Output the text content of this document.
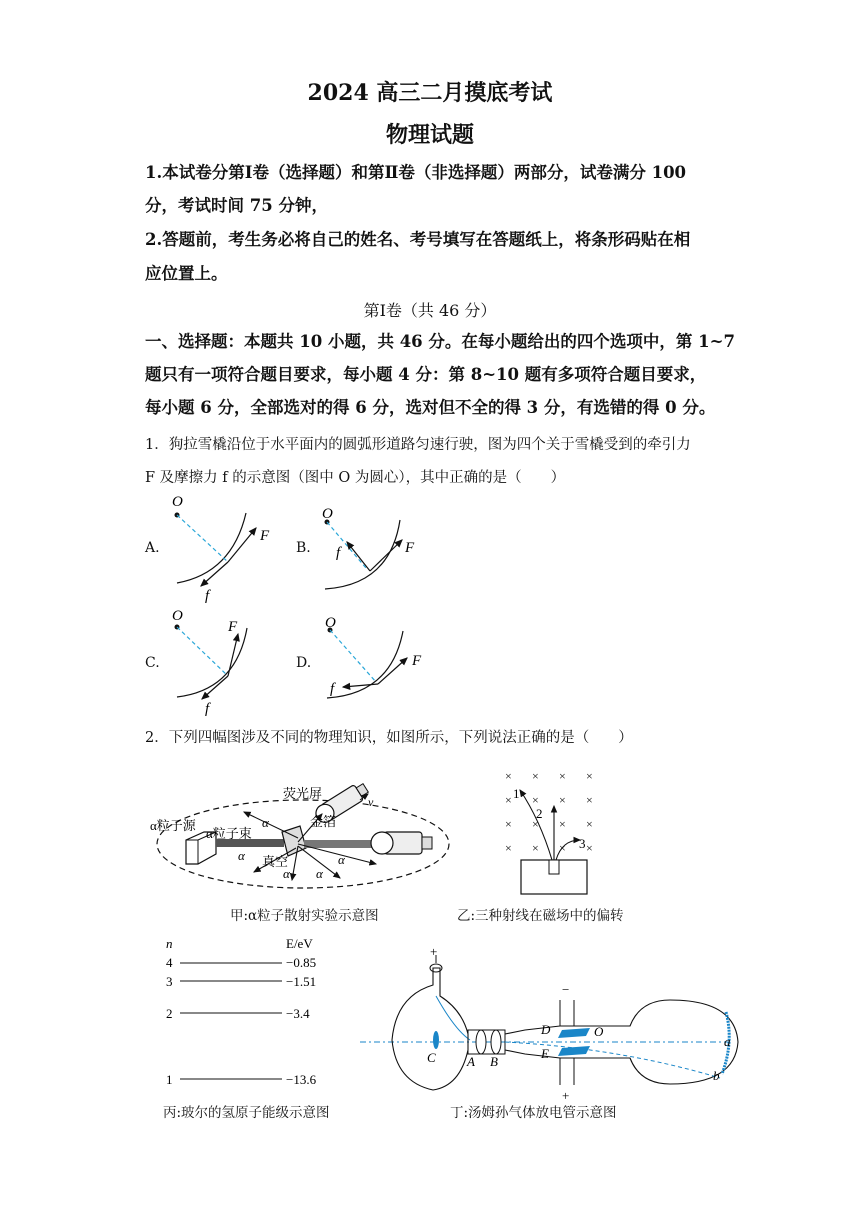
2024 高三二月摸底考试
物理试题
1.本试卷分第Ⅰ卷（选择题）和第Ⅱ卷（非选择题）两部分，试卷满分 100
分，考试时间 75 分钟，
2.答题前，考生务必将自己的姓名、考号填写在答题纸上，将条形码贴在相
应位置上。
第Ⅰ卷（共 46 分）
一、选择题：本题共 10 小题，共 46 分。在每小题给出的四个选项中，第 1~7
题只有一项符合题目要求，每小题 4 分：第 8~10 题有多项符合题目要求，
每小题 6 分，全部选对的得 6 分，选对但不全的得 3 分，有选错的得 0 分。
1．狗拉雪橇沿位于水平面内的圆弧形道路匀速行驶，图为四个关于雪橇受到的牵引力
F 及摩擦力 f 的示意图（图中 O 为圆心），其中正确的是（　　）
A.	B.
C.	D.
O
F
f
O
F
f
O
F
f
O
F
f
荧光屏
金箔
α粒子源
α粒子束
真空
α
α
α α
α
v
× × × ×
× × × ×
× × × ×
× × × ×
1
2
3
n	E/eV
4	−0.85
3	−1.51
2	−3.4
1	−13.6
+
C A B
D
E
O
a
b
−
+
2．下列四幅图涉及不同的物理知识，如图所示，下列说法正确的是（　　）
甲:α粒子散射实验示意图	乙:三种射线在磁场中的偏转
丙:玻尔的氢原子能级示意图	丁:汤姆孙气体放电管示意图
